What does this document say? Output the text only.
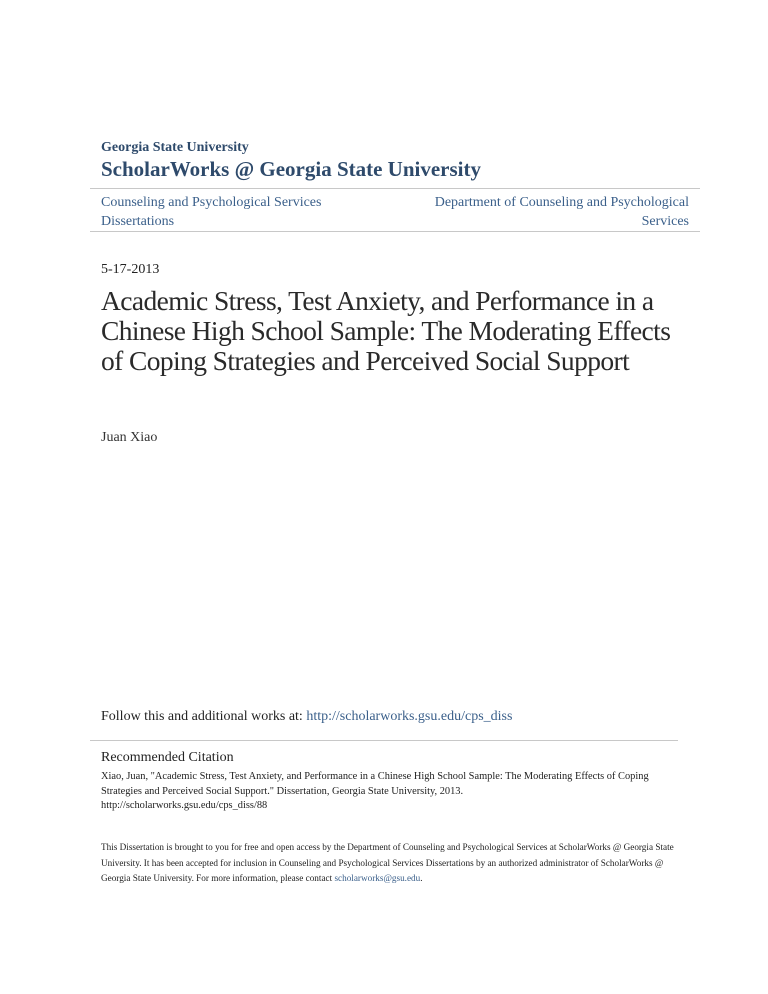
Georgia State University
ScholarWorks @ Georgia State University
Counseling and Psychological Services
Dissertations
Department of Counseling and Psychological
Services
5-17-2013
Academic Stress, Test Anxiety, and Performance in a Chinese High School Sample: The Moderating Effects of Coping Strategies and Perceived Social Support
Juan Xiao
Follow this and additional works at: http://scholarworks.gsu.edu/cps_diss
Recommended Citation
Xiao, Juan, "Academic Stress, Test Anxiety, and Performance in a Chinese High School Sample: The Moderating Effects of Coping Strategies and Perceived Social Support." Dissertation, Georgia State University, 2013.
http://scholarworks.gsu.edu/cps_diss/88
This Dissertation is brought to you for free and open access by the Department of Counseling and Psychological Services at ScholarWorks @ Georgia State University. It has been accepted for inclusion in Counseling and Psychological Services Dissertations by an authorized administrator of ScholarWorks @ Georgia State University. For more information, please contact scholarworks@gsu.edu.
